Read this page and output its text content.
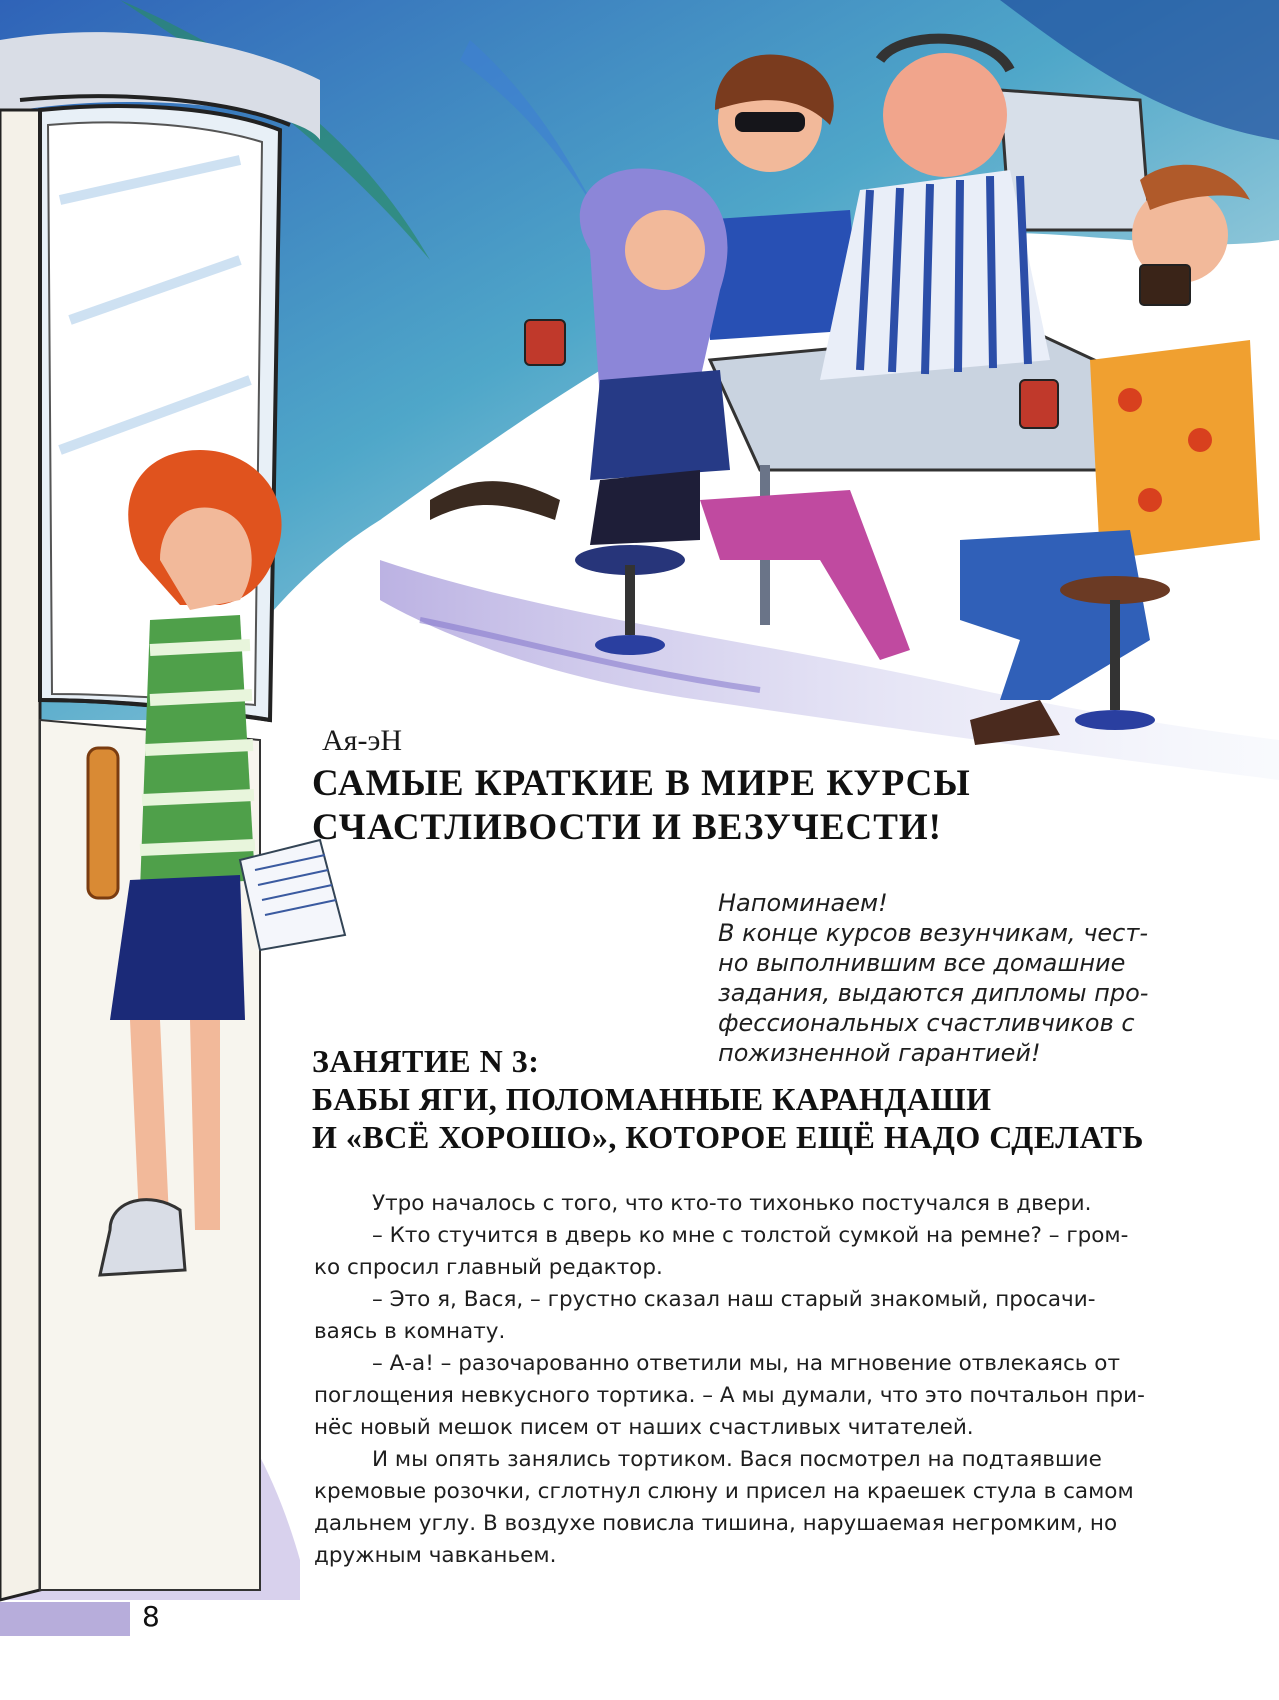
Ая-эН
САМЫЕ КРАТКИЕ В МИРЕ КУРСЫ
СЧАСТЛИВОСТИ И ВЕЗУЧЕСТИ!
Напоминаем!
В конце курсов везунчикам, чест-
но выполнившим все домашние
задания, выдаются дипломы про-
фессиональных счастливчиков с
пожизненной гарантией!
ЗАНЯТИЕ N 3:
БАБЫ ЯГИ, ПОЛОМАННЫЕ КАРАНДАШИ
И «ВСЁ ХОРОШО», КОТОРОЕ ЕЩЁ НАДО СДЕЛАТЬ
Утро началось с того, что кто-то тихонько постучался в двери.
– Кто стучится в дверь ко мне с толстой сумкой на ремне? – гром-
ко спросил главный редактор.
– Это я, Вася, – грустно сказал наш старый знакомый, просачи-
ваясь в комнату.
– А-а! – разочарованно ответили мы, на мгновение отвлекаясь от
поглощения невкусного тортика. – А мы думали, что это почтальон при-
нёс новый мешок писем от наших счастливых читателей.
И мы опять занялись тортиком. Вася посмотрел на подтаявшие
кремовые розочки, сглотнул слюну и присел на краешек стула в самом
дальнем углу. В воздухе повисла тишина, нарушаемая негромким, но
дружным чавканьем.
8
